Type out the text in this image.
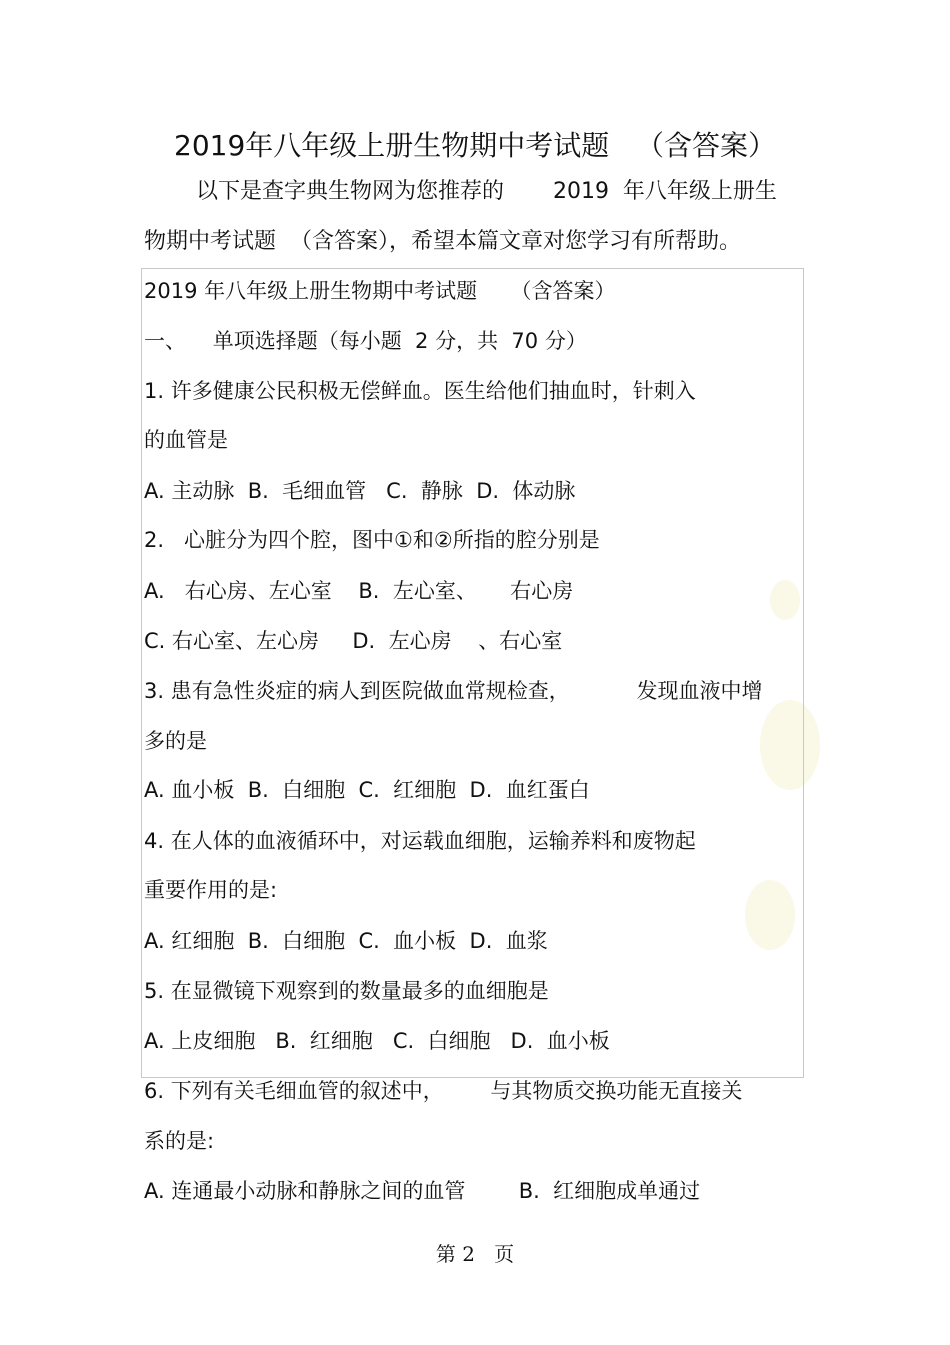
2019年八年级上册生物期中考试题   （含答案）
以下是查字典生物网为您推荐的       2019  年八年级上册生
物期中考试题  （含答案），希望本篇文章对您学习有所帮助。
2019 年八年级上册生物期中考试题     （含答案）
一、    单项选择题（每小题  2 分，共  70 分）
1. 许多健康公民积极无偿鲜血。医生给他们抽血时，针刺入
的血管是
A. 主动脉  B.  毛细血管   C.  静脉  D.  体动脉
2.   心脏分为四个腔，图中①和②所指的腔分别是
A.   右心房、左心室    B.  左心室、     右心房
C. 右心室、左心房     D.  左心房    、右心室
3. 患有急性炎症的病人到医院做血常规检查，          发现血液中增
多的是
A. 血小板  B.  白细胞  C.  红细胞  D.  血红蛋白
4. 在人体的血液循环中，对运载血细胞，运输养料和废物起
重要作用的是:
A. 红细胞  B.  白细胞  C.  血小板  D.  血浆
5. 在显微镜下观察到的数量最多的血细胞是
A. 上皮细胞   B.  红细胞   C.  白细胞   D.  血小板
6. 下列有关毛细血管的叙述中，       与其物质交换功能无直接关
系的是:
A. 连通最小动脉和静脉之间的血管        B.  红细胞成单通过
第 2   页
